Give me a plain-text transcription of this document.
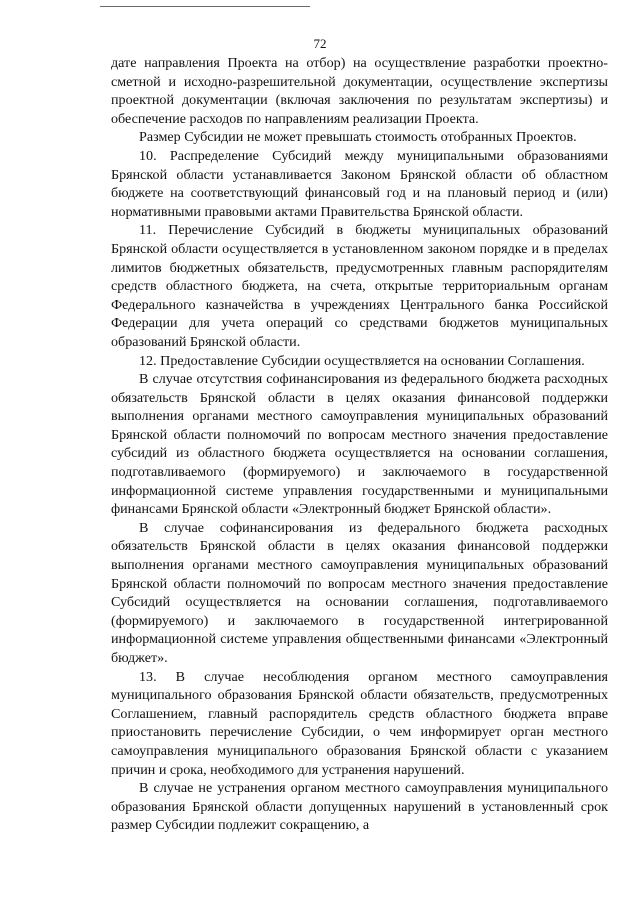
72

дате направления Проекта на отбор) на осуществление разработки проектно-сметной и исходно-разрешительной документации, осуществление экспертизы проектной документации (включая заключения по результатам экспертизы) и обеспечение расходов по направлениям реализации Проекта.

Размер Субсидии не может превышать стоимость отобранных Проектов.

10. Распределение Субсидий между муниципальными образованиями Брянской области устанавливается Законом Брянской области об областном бюджете на соответствующий финансовый год и на плановый период и (или) нормативными правовыми актами Правительства Брянской области.

11. Перечисление Субсидий в бюджеты муниципальных образований Брянской области осуществляется в установленном законом порядке и в пределах лимитов бюджетных обязательств, предусмотренных главным распорядителям средств областного бюджета, на счета, открытые территориальным органам Федерального казначейства в учреждениях Центрального банка Российской Федерации для учета операций со средствами бюджетов муниципальных образований Брянской области.

12. Предоставление Субсидии осуществляется на основании Соглашения.

В случае отсутствия софинансирования из федерального бюджета расходных обязательств Брянской области в целях оказания финансовой поддержки выполнения органами местного самоуправления муниципальных образований Брянской области полномочий по вопросам местного значения предоставление субсидий из областного бюджета осуществляется на основании соглашения, подготавливаемого (формируемого) и заключаемого в государственной информационной системе управления государственными и муниципальными финансами Брянской области «Электронный бюджет Брянской области».

В случае софинансирования из федерального бюджета расходных обязательств Брянской области в целях оказания финансовой поддержки выполнения органами местного самоуправления муниципальных образований Брянской области полномочий по вопросам местного значения предоставление Субсидий осуществляется на основании соглашения, подготавливаемого (формируемого) и заключаемого в государственной интегрированной информационной системе управления общественными финансами «Электронный бюджет».

13. В случае несоблюдения органом местного самоуправления муниципального образования Брянской области обязательств, предусмотренных Соглашением, главный распорядитель средств областного бюджета вправе приостановить перечисление Субсидии, о чем информирует орган местного самоуправления муниципального образования Брянской области с указанием причин и срока, необходимого для устранения нарушений.

В случае не устранения органом местного самоуправления муниципального образования Брянской области допущенных нарушений в установленный срок размер Субсидии подлежит сокращению, а
